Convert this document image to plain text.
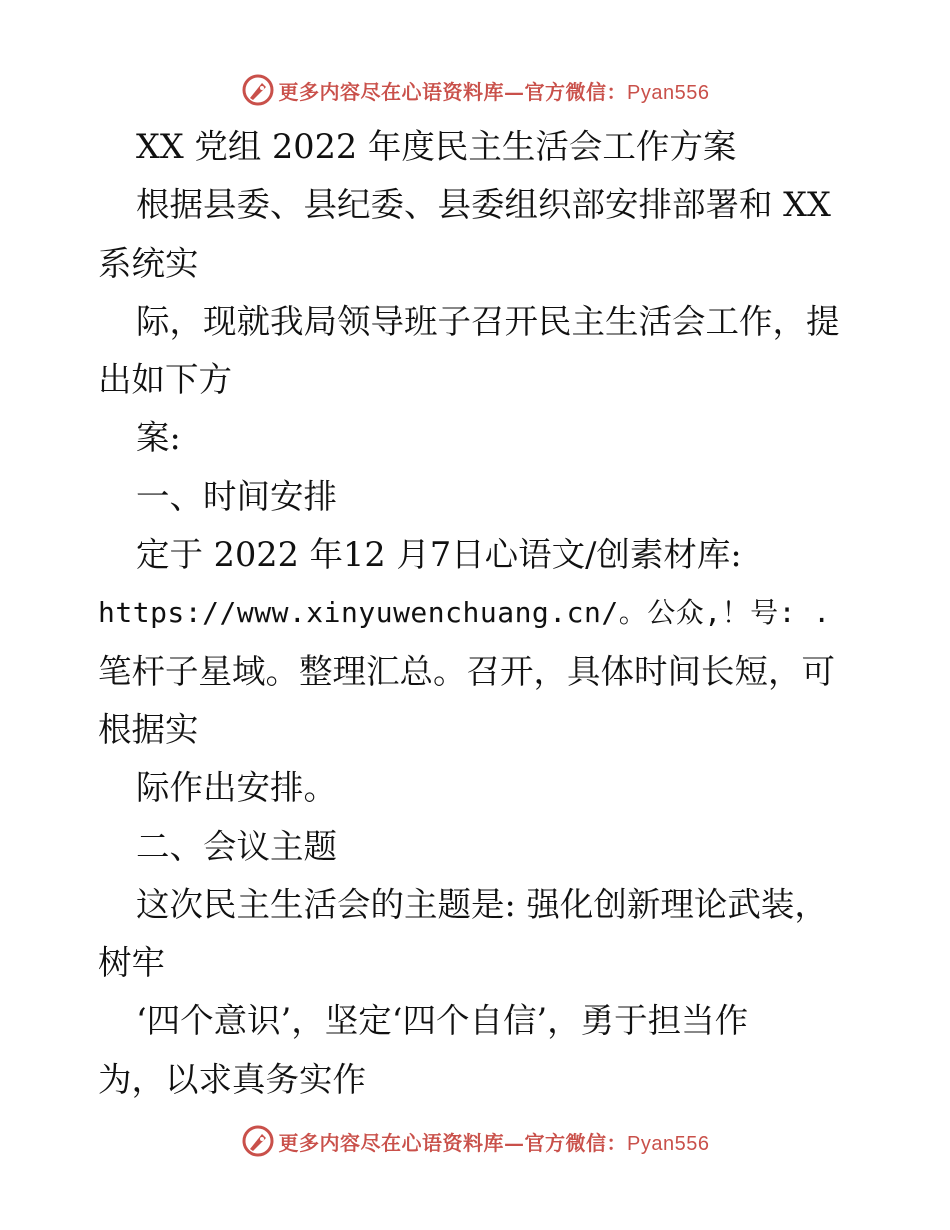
更多内容尽在心语资料库—官方微信：Pyan556
XX 党组 2022 年度民主生活会工作方案
根据县委、县纪委、县委组织部安排部署和 XX
系统实
际，现就我局领导班子召开民主生活会工作，提
出如下方
案:
一、时间安排
定于 2022 年12 月7日心语文/创素材库:
https://www.xinyuwenchuang.cn/。公众,！号: .
笔杆子星域。整理汇总。召开，具体时间长短，可
根据实
际作出安排。
二、会议主题
这次民主生活会的主题是: 强化创新理论武装，
树牢
‘四个意识’，坚定‘四个自信’，勇于担当作
为，以求真务实作
更多内容尽在心语资料库—官方微信：Pyan556
